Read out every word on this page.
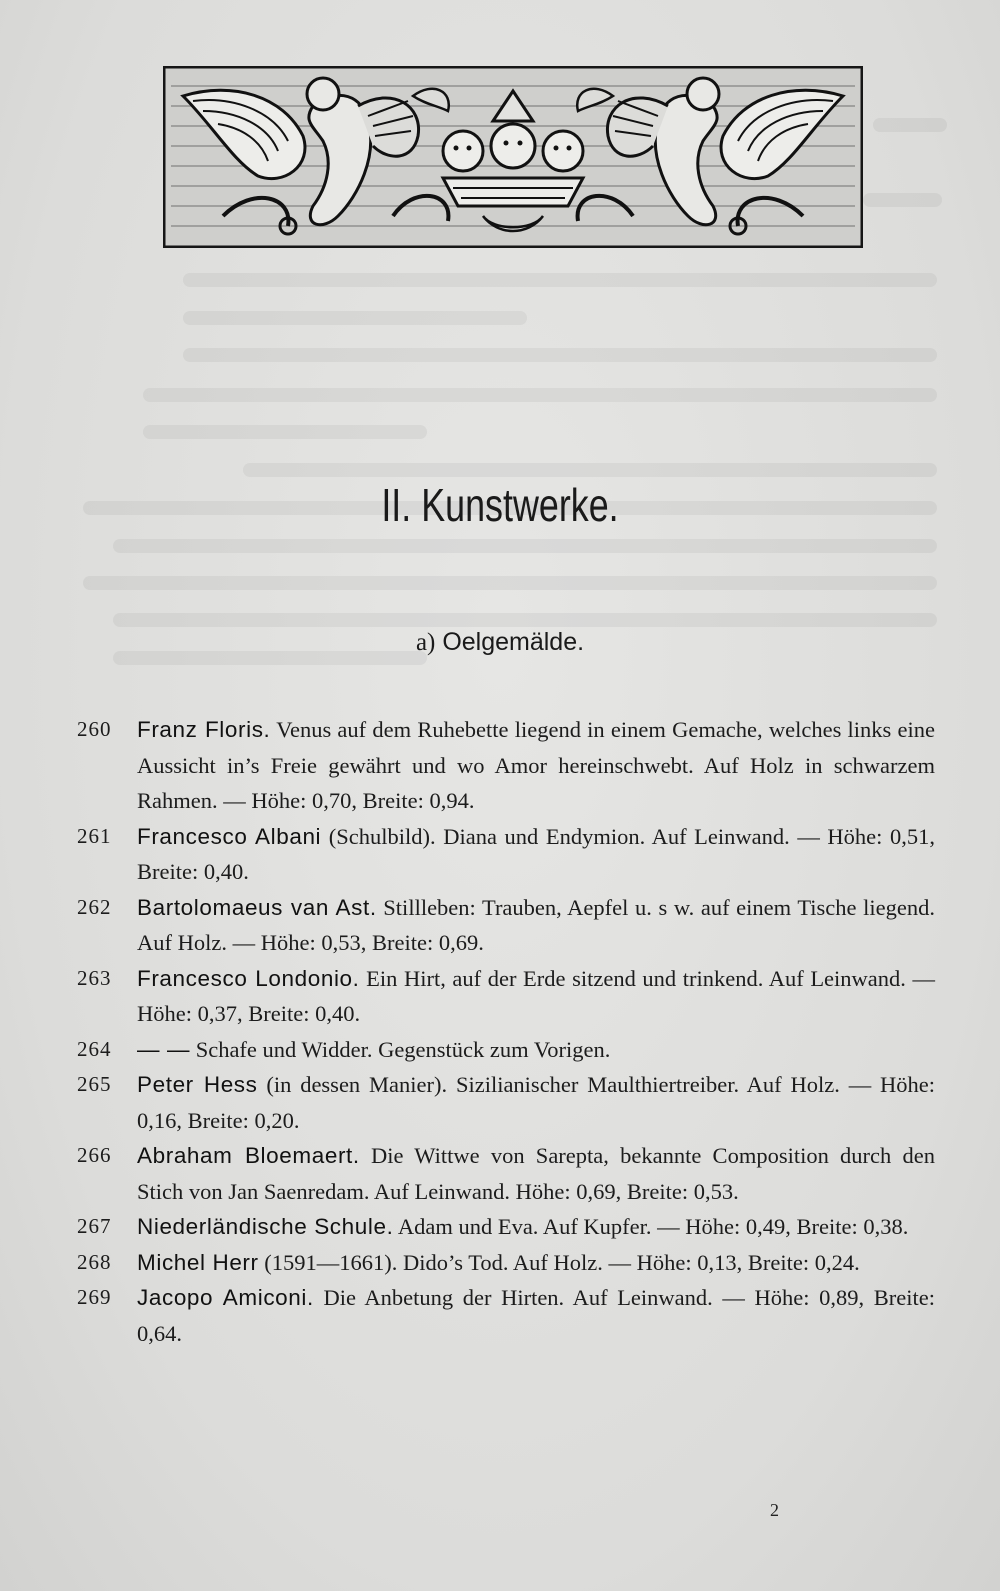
II. Kunstwerke.
a) Oelgemälde.
260 Franz Floris. Venus auf dem Ruhebette liegend in einem Gemache, welches links eine Aussicht in’s Freie gewährt und wo Amor hereinschwebt. Auf Holz in schwarzem Rahmen. — Höhe: 0,70, Breite: 0,94.
261 Francesco Albani (Schulbild). Diana und Endymion. Auf Leinwand. — Höhe: 0,51, Breite: 0,40.
262 Bartolomaeus van Ast. Stillleben: Trauben, Aepfel u. s w. auf einem Tische liegend. Auf Holz. — Höhe: 0,53, Breite: 0,69.
263 Francesco Londonio. Ein Hirt, auf der Erde sitzend und trinkend. Auf Leinwand. — Höhe: 0,37, Breite: 0,40.
264 — — Schafe und Widder. Gegenstück zum Vorigen.
265 Peter Hess (in dessen Manier). Sizilianischer Maulthiertreiber. Auf Holz. — Höhe: 0,16, Breite: 0,20.
266 Abraham Bloemaert. Die Wittwe von Sarepta, bekannte Composition durch den Stich von Jan Saenredam. Auf Leinwand. Höhe: 0,69, Breite: 0,53.
267 Niederländische Schule. Adam und Eva. Auf Kupfer. — Höhe: 0,49, Breite: 0,38.
268 Michel Herr (1591—1661). Dido’s Tod. Auf Holz. — Höhe: 0,13, Breite: 0,24.
269 Jacopo Amiconi. Die Anbetung der Hirten. Auf Leinwand. — Höhe: 0,89, Breite: 0,64.
2
